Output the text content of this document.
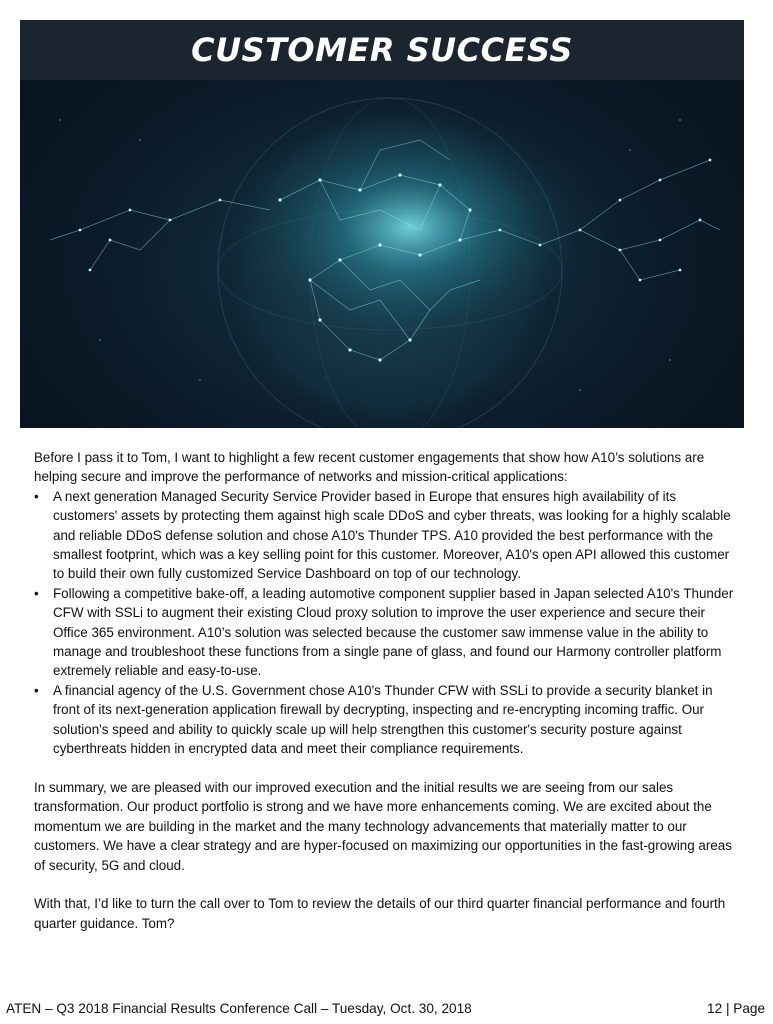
CUSTOMER SUCCESS

Before I pass it to Tom, I want to highlight a few recent customer engagements that show how A10’s solutions are helping secure and improve the performance of networks and mission-critical applications:

•	A next generation Managed Security Service Provider based in Europe that ensures high availability of its customers' assets by protecting them against high scale DDoS and cyber threats, was looking for a highly scalable and reliable DDoS defense solution and chose A10's Thunder TPS. A10 provided the best performance with the smallest footprint, which was a key selling point for this customer. Moreover, A10's open API allowed this customer to build their own fully customized Service Dashboard on top of our technology.
•	Following a competitive bake-off, a leading automotive component supplier based in Japan selected A10's Thunder CFW with SSLi to augment their existing Cloud proxy solution to improve the user experience and secure their Office 365 environment. A10’s solution was selected because the customer saw immense value in the ability to manage and troubleshoot these functions from a single pane of glass, and found our Harmony controller platform extremely reliable and easy-to-use.
•	A financial agency of the U.S. Government chose A10's Thunder CFW with SSLi to provide a security blanket in front of its next-generation application firewall by decrypting, inspecting and re-encrypting incoming traffic. Our solution's speed and ability to quickly scale up will help strengthen this customer's security posture against cyberthreats hidden in encrypted data and meet their compliance requirements.

In summary, we are pleased with our improved execution and the initial results we are seeing from our sales transformation. Our product portfolio is strong and we have more enhancements coming. We are excited about the momentum we are building in the market and the many technology advancements that materially matter to our customers. We have a clear strategy and are hyper-focused on maximizing our opportunities in the fast-growing areas of security, 5G and cloud.

With that, I’d like to turn the call over to Tom to review the details of our third quarter financial performance and fourth quarter guidance. Tom?

ATEN – Q3 2018 Financial Results Conference Call – Tuesday, Oct. 30, 2018	12 | Page
